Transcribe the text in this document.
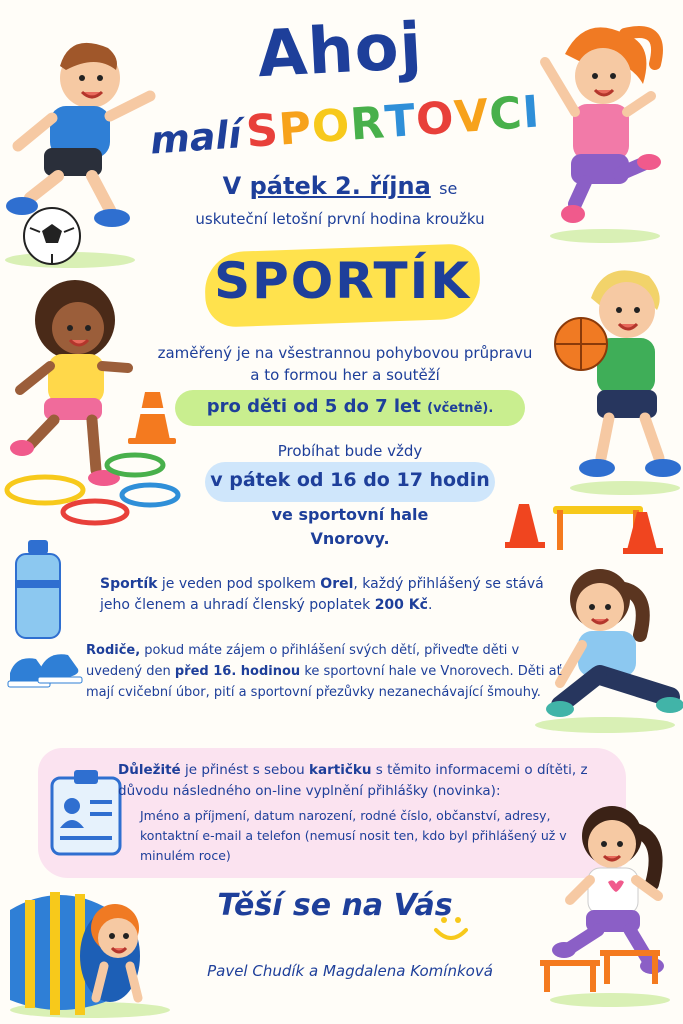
Ahoj
malí SPORTOVCI
V pátek 2. října se
uskuteční letošní první hodina kroužku
SPORTÍK
zaměřený je na všestrannou pohybovou průpravu
a to formou her a soutěží
pro děti od 5 do 7 let (včetně).
Probíhat bude vždy
v pátek od 16 do 17 hodin
ve sportovní hale
Vnorovy.
Sportík je veden pod spolkem Orel, každý přihlášený se stává jeho členem a uhradí členský poplatek 200 Kč.
Rodiče, pokud máte zájem o přihlášení svých dětí, přiveďte děti v uvedený den před 16. hodinou ke sportovní hale ve Vnorovech. Děti ať mají cvičební úbor, pití a sportovní přezůvky nezanechávající šmouhy.
Důležité je přinést s sebou kartičku s těmito informacemi o dítěti, z důvodu následného on-line vyplnění přihlášky (novinka):
Jméno a příjmení, datum narození, rodné číslo, občanství, adresy, kontaktní e-mail a telefon (nemusí nosit ten, kdo byl přihlášený už v minulém roce)
Těší se na Vás
Pavel Chudík a Magdalena Komínková
